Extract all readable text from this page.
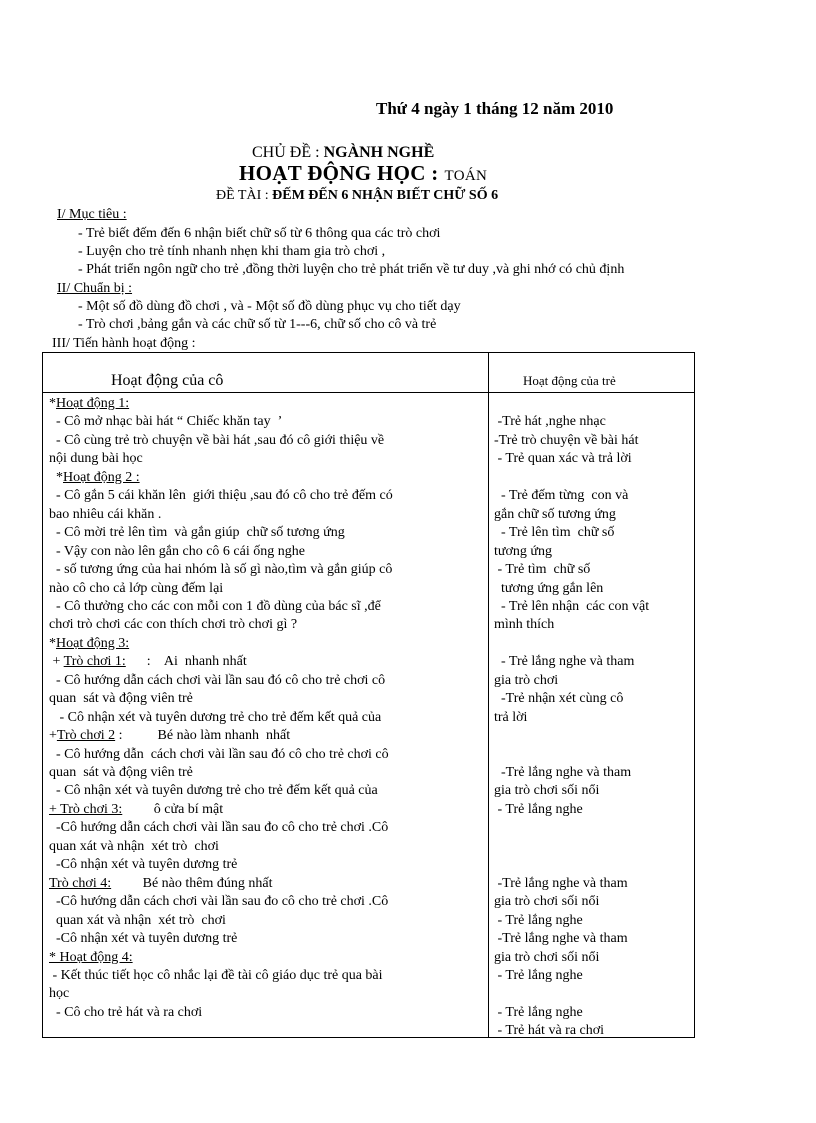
Thứ 4 ngày 1 tháng 12 năm 2010
CHỦ ĐỀ : NGÀNH NGHỀ
HOẠT ĐỘNG HỌC : TOÁN
ĐỀ TÀI : ĐẾM ĐẾN 6 NHẬN BIẾT CHỮ SỐ 6
I/ Mục tiêu :
- Trẻ biết đếm đến 6 nhận biết chữ số từ 6 thông qua các trò chơi
- Luyện cho trẻ tính nhanh nhẹn khi tham gia trò chơi ,
- Phát triển ngôn ngữ cho trẻ ,đồng thời luyện cho trẻ phát triển về tư duy ,và ghi nhớ có chủ định
II/ Chuẩn bị :
- Một số đồ dùng đồ chơi , và - Một số đồ dùng phục vụ cho tiết dạy
- Trò chơi ,bảng gắn và các chữ số từ 1---6, chữ số cho cô và trẻ
III/ Tiến hành hoạt động :
Hoạt động của cô	Hoạt động của trẻ
*Hoạt động 1:
- Cô mở nhạc bài hát “ Chiếc khăn tay  ’
- Cô cùng trẻ trò chuyện về bài hát ,sau đó cô giới thiệu về
nội dung bài học
*Hoạt động 2 :
- Cô gắn 5 cái khăn lên  giới thiệu ,sau đó cô cho trẻ đếm có
bao nhiêu cái khăn .
- Cô mời trẻ lên tìm  và gắn giúp  chữ số tương ứng
- Vậy con nào lên gắn cho cô 6 cái ống nghe
- số tương ứng của hai nhóm là số gì nào,tìm và gắn giúp cô
nào cô cho cả lớp cùng đếm lại
- Cô thưởng cho các con mỗi con 1 đồ dùng của bác sĩ ,để
chơi trò chơi các con thích chơi trò chơi gì ?
*Hoạt động 3:
+ Trò chơi 1:      :    Ai  nhanh nhất
- Cô hướng dẫn cách chơi vài lần sau đó cô cho trẻ chơi cô
quan  sát và động viên trẻ
- Cô nhận xét và tuyên dương trẻ cho trẻ đếm kết quả của
+Trò chơi 2 :          Bé nào làm nhanh  nhất
- Cô hướng dẫn  cách chơi vài lần sau đó cô cho trẻ chơi cô
quan  sát và động viên trẻ
- Cô nhận xét và tuyên dương trẻ cho trẻ đếm kết quả của
+ Trò chơi 3:         ô cửa bí mật
-Cô hướng dẫn cách chơi vài lần sau đo cô cho trẻ chơi .Cô
quan xát và nhận  xét trò  chơi
-Cô nhận xét và tuyên dương trẻ
Trò chơi 4:         Bé nào thêm đúng nhất
-Cô hướng dẫn cách chơi vài lần sau đo cô cho trẻ chơi .Cô
quan xát và nhận  xét trò  chơi
-Cô nhận xét và tuyên dương trẻ
* Hoạt động 4:
- Kết thúc tiết học cô nhắc lại đề tài cô giáo dục trẻ qua bài
học
- Cô cho trẻ hát và ra chơi
-Trẻ hát ,nghe nhạc
-Trẻ trò chuyện về bài hát
- Trẻ quan xác và trả lời
- Trẻ đếm từng  con và
gắn chữ số tương ứng
- Trẻ lên tìm  chữ số
tương ứng
- Trẻ tìm  chữ số
tương ứng gắn lên
- Trẻ lên nhận  các con vật
mình thích
- Trẻ lắng nghe và tham
gia trò chơi
-Trẻ nhận xét cùng cô
trả lời
-Trẻ lắng nghe và tham
gia trò chơi sối nổi
- Trẻ lắng nghe
-Trẻ lắng nghe và tham
gia trò chơi sối nổi
- Trẻ lắng nghe
-Trẻ lắng nghe và tham
gia trò chơi sối nổi
- Trẻ lắng nghe
- Trẻ lắng nghe
- Trẻ hát và ra chơi
